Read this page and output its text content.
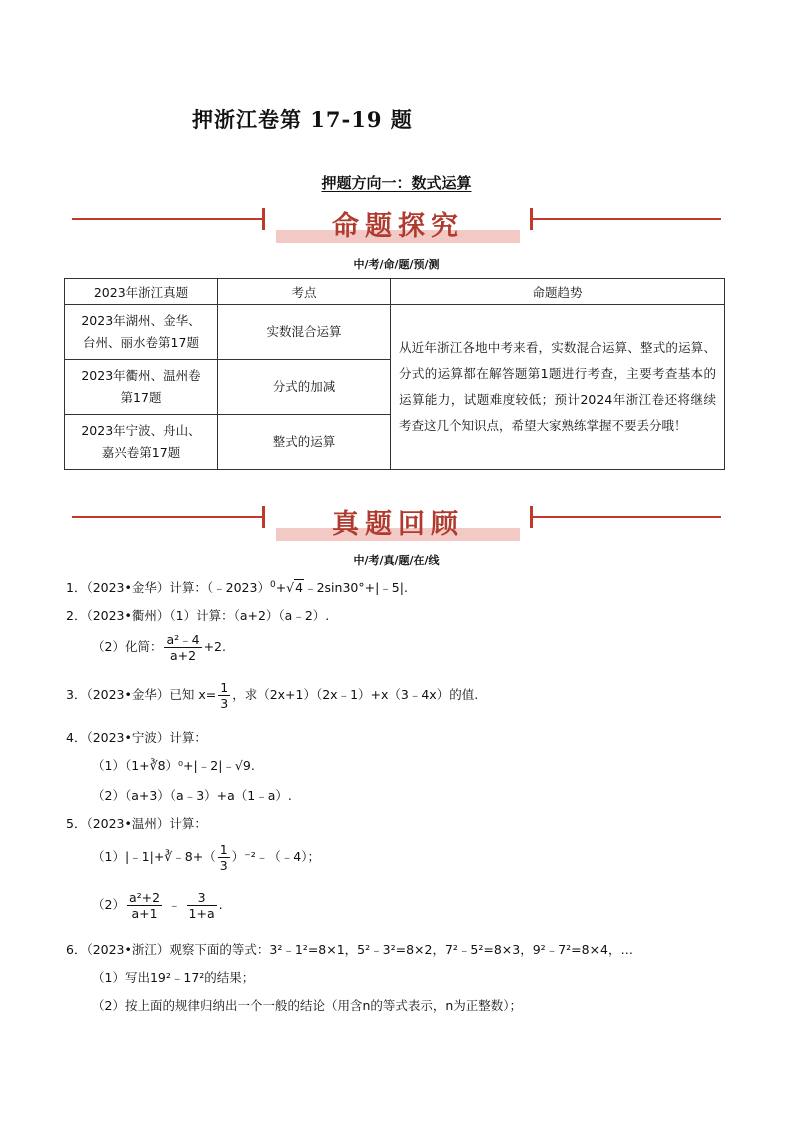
押浙江卷第 17-19 题
押题方向一：数式运算
命题探究
中/考/命/题/预/测
2023年浙江真题	考点	命题趋势

2023年湖州、金华、
台州、丽水卷第17题	实数混合运算	从近年浙江各地中考来看，实数混合运算、整式的运算、分式的运算都在解答题第1题进行考查，主要考查基本的运算能力，试题难度较低；预计2024年浙江卷还将继续考查这几个知识点，希望大家熟练掌握不要丢分哦！

2023年衢州、温州卷
第17题	分式的加减	

2023年宁波、舟山、
嘉兴卷第17题	整式的运算	
真题回顾
中/考/真/题/在/线
1．（2023•金华）计算：（﹣2023）$^0$+√4﹣2sin30°+|﹣5|.
2．（2023•衢州）（1）计算：（a+2）（a﹣2）.
（2）化简： $\frac{\text{a²﹣4}}{a+2} +2$.
3．（2023•金华）已知 $x= \frac{1}{3}$ ，求（2x+1）（2x﹣1）+x（3﹣4x）的值.
4．（2023•宁波）计算：
（1）（1+∛8）⁰+|﹣2|﹣√9.
（2）（a+3）（a﹣3）+a（1﹣a）.
5．（2023•温州）计算：
（1）|﹣1|+∛﹣8+（ $\frac{1}{3}$ ）⁻²﹣（﹣4）；
$(2) \frac{\text{a²+2}}{a+1}$ ﹣ $\frac{3}{1+a}$ .
6．（2023•浙江）观察下面的等式：3²﹣1²=8×1，5²﹣3²=8×2，7²﹣5²=8×3，9²﹣7²=8×4，…
（1）写出19²﹣17²的结果；
（2）按上面的规律归纳出一个一般的结论（用含n的等式表示，n为正整数）；
